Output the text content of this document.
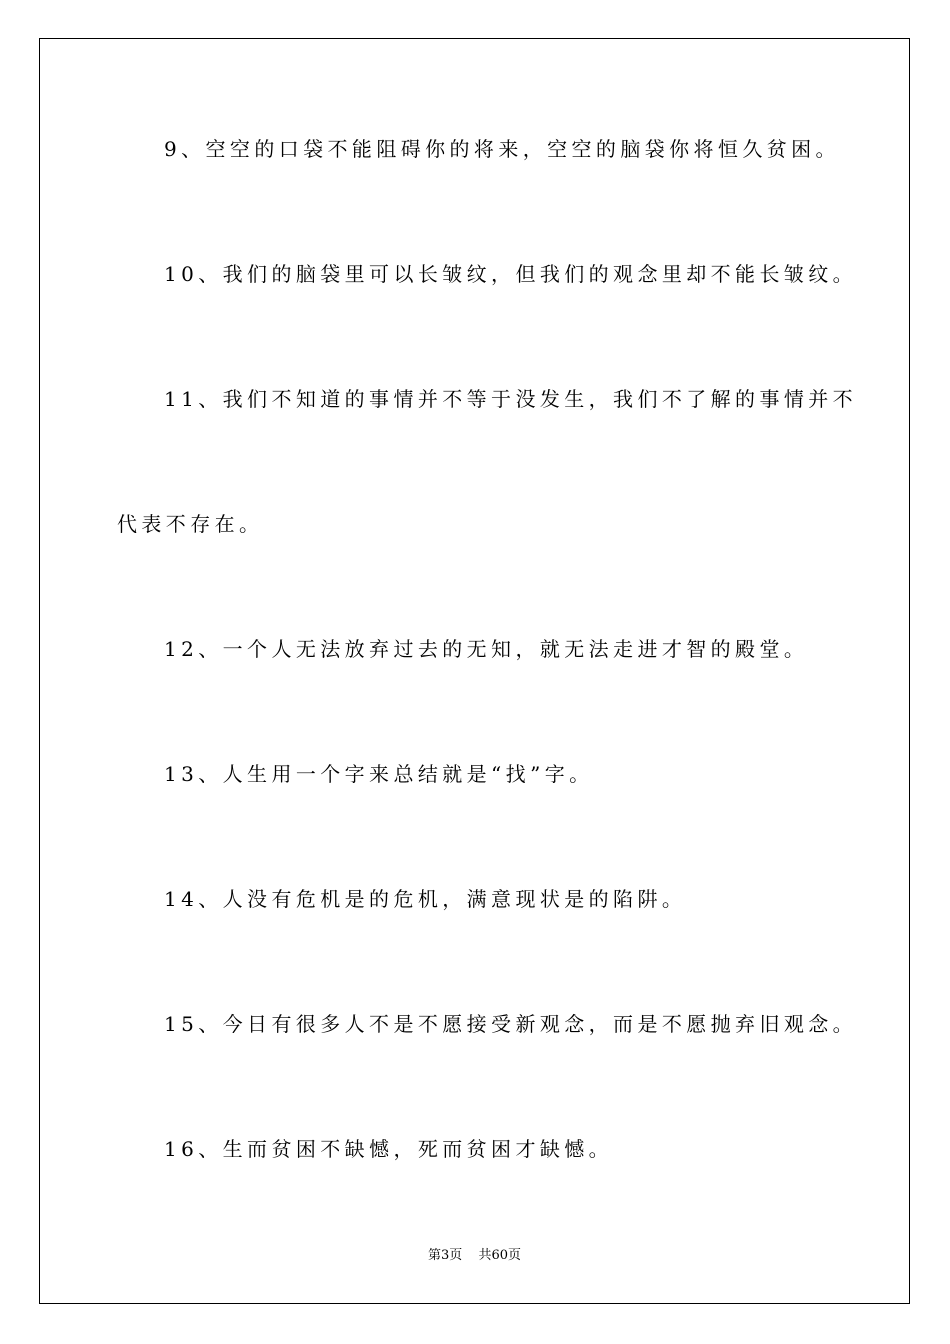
9、空空的口袋不能阻碍你的将来，空空的脑袋你将恒久贫困。
10、我们的脑袋里可以长皱纹，但我们的观念里却不能长皱纹。
11、我们不知道的事情并不等于没发生，我们不了解的事情并不
代表不存在。
12、一个人无法放弃过去的无知，就无法走进才智的殿堂。
13、人生用一个字来总结就是“找”字。
14、人没有危机是的危机，满意现状是的陷阱。
15、今日有很多人不是不愿接受新观念，而是不愿抛弃旧观念。
16、生而贫困不缺憾，死而贫困才缺憾。
第3页 共60页
